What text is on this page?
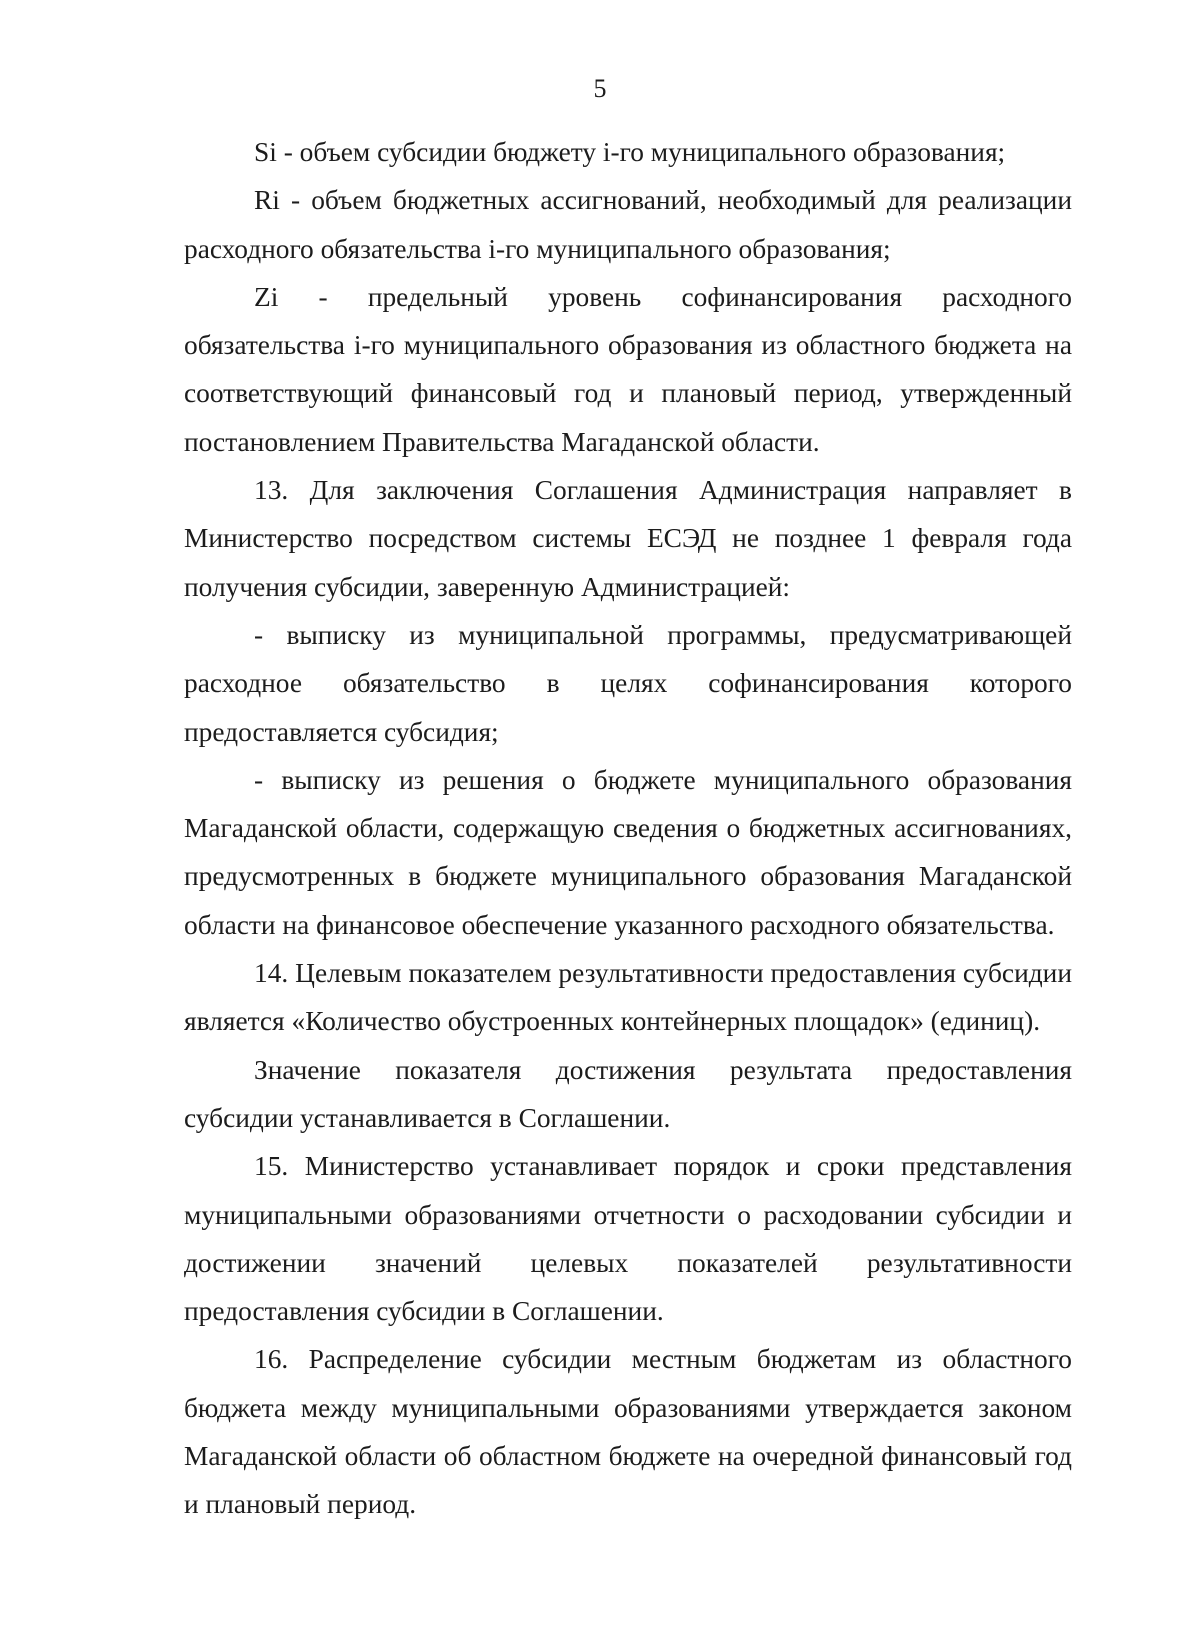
5

Si - объем субсидии бюджету i-го муниципального образования;

Ri - объем бюджетных ассигнований, необходимый для реализации расходного обязательства i-го муниципального образования;

Zi - предельный уровень софинансирования расходного обязательства i-го муниципального образования из областного бюджета на соответствующий финансовый год и плановый период, утвержденный постановлением Правительства Магаданской области.

13. Для заключения Соглашения Администрация направляет в Министерство посредством системы ЕСЭД не позднее 1 февраля года получения субсидии, заверенную Администрацией:

- выписку из муниципальной программы, предусматривающей расходное обязательство в целях софинансирования которого предоставляется субсидия;

- выписку из решения о бюджете муниципального образования Магаданской области, содержащую сведения о бюджетных ассигнованиях, предусмотренных в бюджете муниципального образования Магаданской области на финансовое обеспечение указанного расходного обязательства.

14. Целевым показателем результативности предоставления субсидии является «Количество обустроенных контейнерных площадок» (единиц).

Значение показателя достижения результата предоставления субсидии устанавливается в Соглашении.

15. Министерство устанавливает порядок и сроки представления муниципальными образованиями отчетности о расходовании субсидии и достижении значений целевых показателей результативности предоставления субсидии в Соглашении.

16. Распределение субсидии местным бюджетам из областного бюджета между муниципальными образованиями утверждается законом Магаданской области об областном бюджете на очередной финансовый год и плановый период.
